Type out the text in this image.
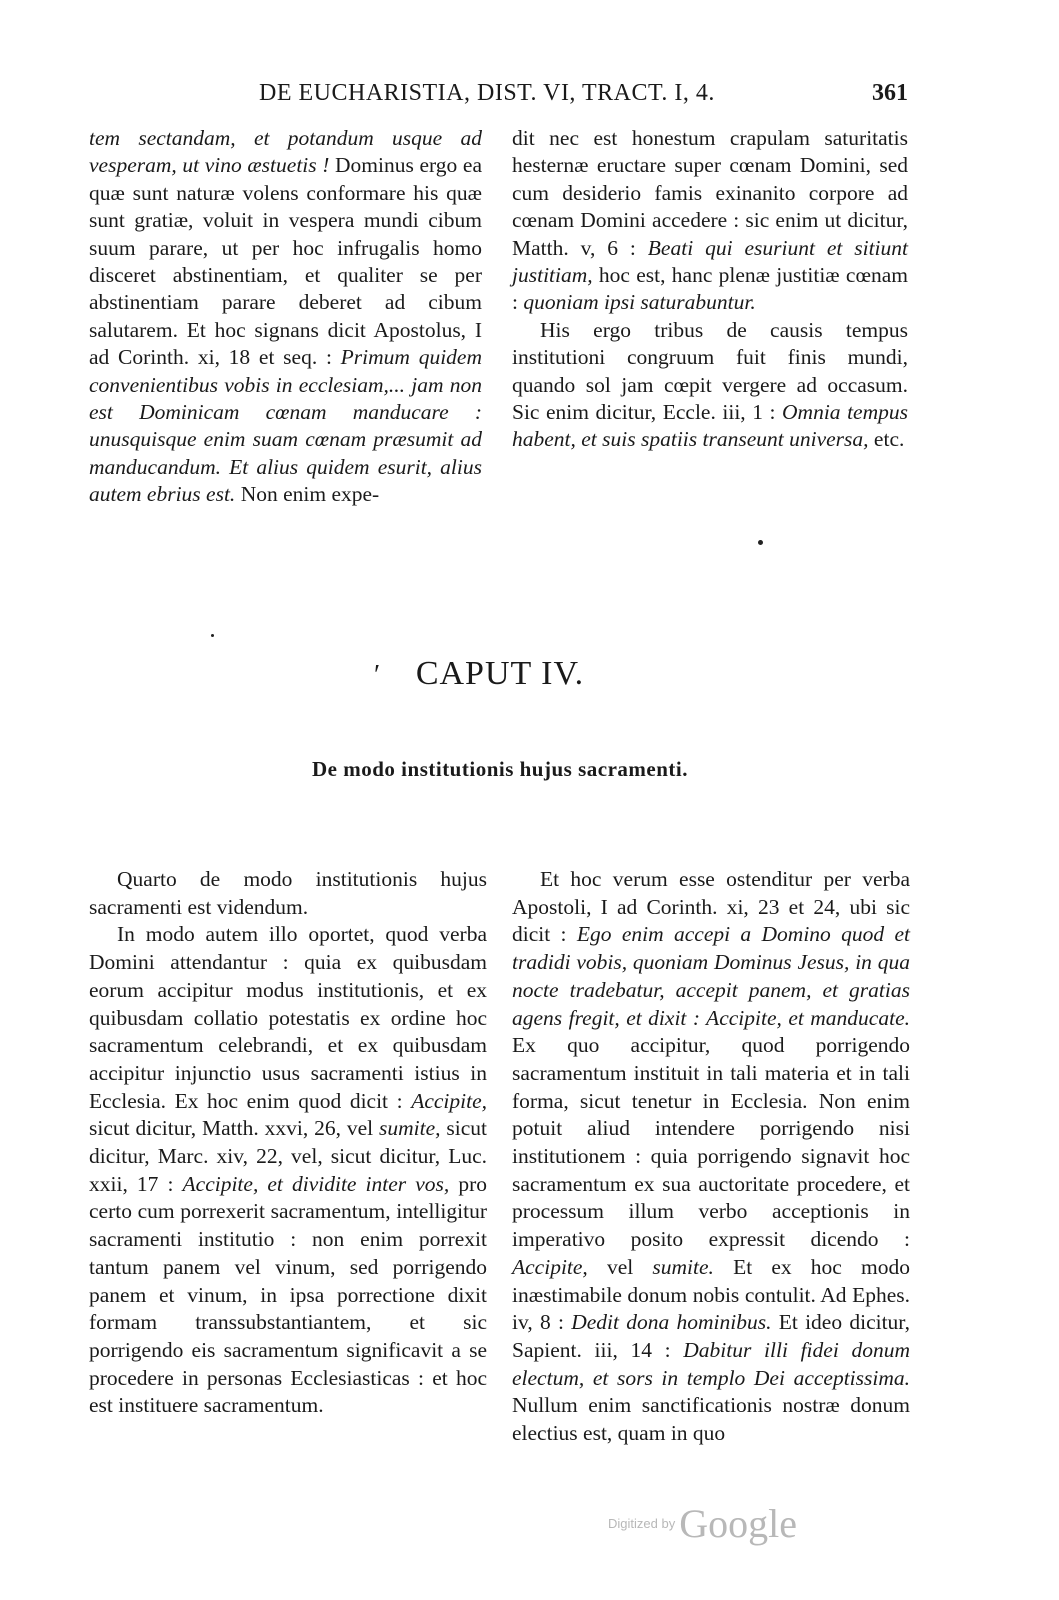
DE EUCHARISTIA, DIST. VI, TRACT. I, 4.	361

tem sectandam, et potandum usque ad vesperam, ut vino æstuetis ! Dominus ergo ea quæ sunt naturæ volens conformare his quæ sunt gratiæ, voluit in vespera mundi cibum suum parare, ut per hoc infrugalis homo disceret abstinentiam, et qualiter se per abstinentiam parare deberet ad cibum salutarem. Et hoc signans dicit Apostolus, I ad Corinth. xi, 18 et seq. : Primum quidem convenientibus vobis in ecclesiam,... jam non est Dominicam cœnam manducare : unusquisque enim suam cœnam præsumit ad manducandum. Et alius quidem esurit, alius autem ebrius est. Non enim expe-

dit nec est honestum crapulam saturitatis hesternæ eructare super cœnam Domini, sed cum desiderio famis exinanito corpore ad cœnam Domini accedere : sic enim ut dicitur, Matth. v, 6 : Beati qui esuriunt et sitiunt justitiam, hoc est, hanc plenæ justitiæ cœnam : quoniam ipsi saturabuntur.

His ergo tribus de causis tempus institutioni congruum fuit finis mundi, quando sol jam cœpit vergere ad occasum. Sic enim dicitur, Eccle. iii, 1 : Omnia tempus habent, et suis spatiis transeunt universa, etc.

′	CAPUT IV.
De modo institutionis hujus sacramenti.

Quarto de modo institutionis hujus sacramenti est videndum.

In modo autem illo oportet, quod verba Domini attendantur : quia ex quibusdam eorum accipitur modus institutionis, et ex quibusdam collatio potestatis ex ordine hoc sacramentum celebrandi, et ex quibusdam accipitur injunctio usus sacramenti istius in Ecclesia. Ex hoc enim quod dicit : Accipite, sicut dicitur, Matth. xxvi, 26, vel sumite, sicut dicitur, Marc. xiv, 22, vel, sicut dicitur, Luc. xxii, 17 : Accipite, et dividite inter vos, pro certo cum porrexerit sacramentum, intelligitur sacramenti institutio : non enim porrexit tantum panem vel vinum, sed porrigendo panem et vinum, in ipsa porrectione dixit formam transsubstantiantem, et sic porrigendo eis sacramentum significavit a se procedere in personas Ecclesiasticas : et hoc est instituere sacramentum.

Et hoc verum esse ostenditur per verba Apostoli, I ad Corinth. xi, 23 et 24, ubi sic dicit : Ego enim accepi a Domino quod et tradidi vobis, quoniam Dominus Jesus, in qua nocte tradebatur, accepit panem, et gratias agens fregit, et dixit : Accipite, et manducate. Ex quo accipitur, quod porrigendo sacramentum instituit in tali materia et in tali forma, sicut tenetur in Ecclesia. Non enim potuit aliud intendere porrigendo nisi institutionem : quia porrigendo signavit hoc sacramentum ex sua auctoritate procedere, et processum illum verbo acceptionis in imperativo posito expressit dicendo : Accipite, vel sumite. Et ex hoc modo inæstimabile donum nobis contulit. Ad Ephes. iv, 8 : Dedit dona hominibus. Et ideo dicitur, Sapient. iii, 14 : Dabitur illi fidei donum electum, et sors in templo Dei acceptissima. Nullum enim sanctificationis nostræ donum electius est, quam in quo

Digitized by Google
